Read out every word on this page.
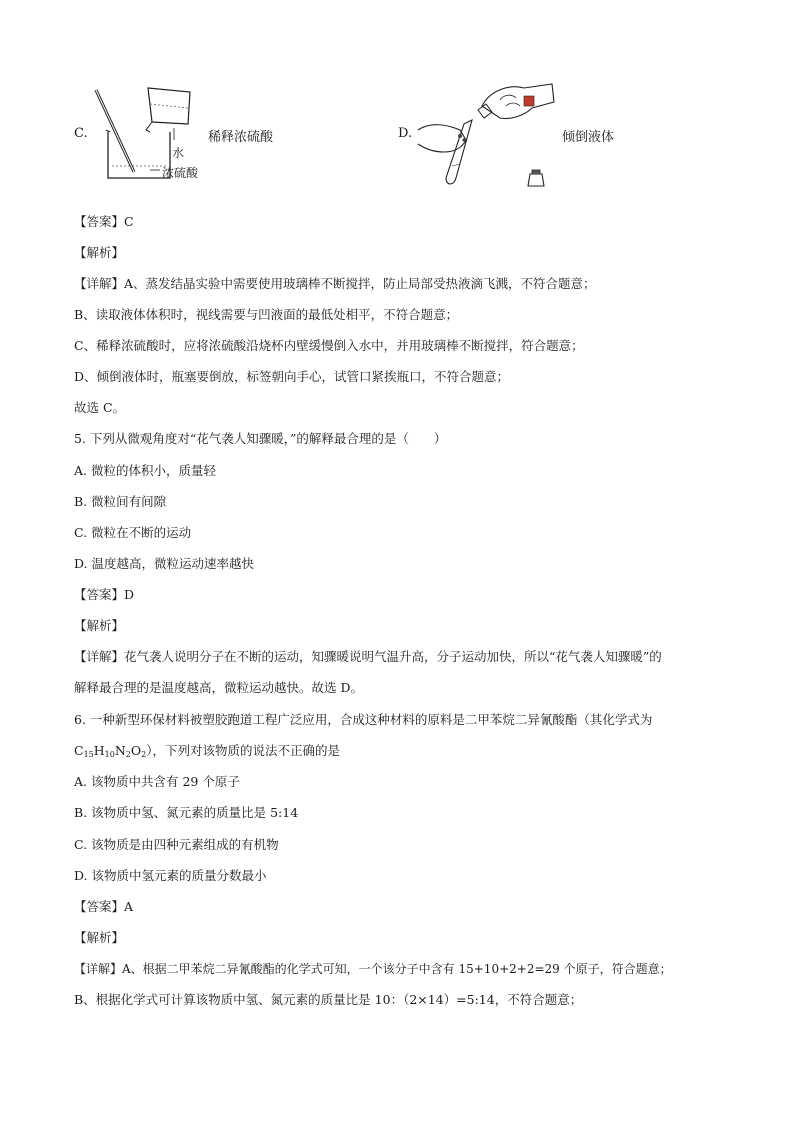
C.
水
浓硫酸
稀释浓硫酸	D.	倾倒液体
【答案】C
【解析】
【详解】A、蒸发结晶实验中需要使用玻璃棒不断搅拌，防止局部受热液滴飞溅，不符合题意；
B、读取液体体积时，视线需要与凹液面的最低处相平，不符合题意；
C、稀释浓硫酸时，应将浓硫酸沿烧杯内壁缓慢倒入水中，并用玻璃棒不断搅拌，符合题意；
D、倾倒液体时，瓶塞要倒放，标签朝向手心，试管口紧挨瓶口，不符合题意；
故选 C。
5. 下列从微观角度对“花气袭人知骤暖，”的解释最合理的是（　　）
A. 微粒的体积小，质量轻
B. 微粒间有间隙
C. 微粒在不断的运动
D. 温度越高，微粒运动速率越快
【答案】D
【解析】
【详解】花气袭人说明分子在不断的运动，知骤暖说明气温升高，分子运动加快，所以“花气袭人知骤暖”的
解释最合理的是温度越高，微粒运动越快。故选 D。
6. 一种新型环保材料被塑胶跑道工程广泛应用，合成这种材料的原料是二甲苯烷二异氰酸酯（其化学式为
$C_{15}H_{10}N_2O_2$），下列对该物质的说法不正确的是
A. 该物质中共含有 29 个原子
B. 该物质中氢、氮元素的质量比是 5:14
C. 该物质是由四种元素组成的有机物
D. 该物质中氢元素的质量分数最小
【答案】A
【解析】
【详解】A、根据二甲苯烷二异氰酸酯的化学式可知，一个该分子中含有 15+10+2+2=29 个原子，符合题意；
B、根据化学式可计算该物质中氢、氮元素的质量比是 10：（2×14）=5:14，不符合题意；
